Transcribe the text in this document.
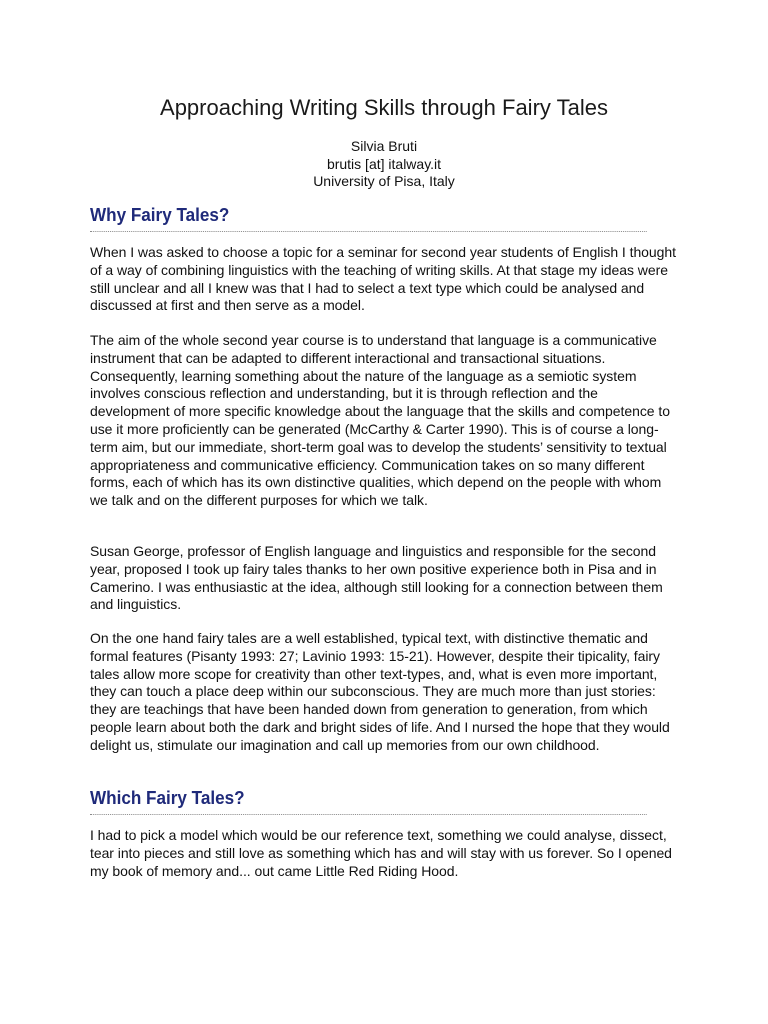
Approaching Writing Skills through Fairy Tales
Silvia Bruti
brutis [at] italway.it
University of Pisa, Italy
Why Fairy Tales?

When I was asked to choose a topic for a seminar for second year students of English I thought of a way of combining linguistics with the teaching of writing skills. At that stage my ideas were still unclear and all I knew was that I had to select a text type which could be analysed and discussed at first and then serve as a model.

The aim of the whole second year course is to understand that language is a communicative instrument that can be adapted to different interactional and transactional situations. Consequently, learning something about the nature of the language as a semiotic system involves conscious reflection and understanding, but it is through reflection and the development of more specific knowledge about the language that the skills and competence to use it more proficiently can be generated (McCarthy & Carter 1990). This is of course a long-term aim, but our immediate, short-term goal was to develop the students’ sensitivity to textual appropriateness and communicative efficiency. Communication takes on so many different forms, each of which has its own distinctive qualities, which depend on the people with whom we talk and on the different purposes for which we talk.

Susan George, professor of English language and linguistics and responsible for the second year, proposed I took up fairy tales thanks to her own positive experience both in Pisa and in Camerino. I was enthusiastic at the idea, although still looking for a connection between them and linguistics.

On the one hand fairy tales are a well established, typical text, with distinctive thematic and formal features (Pisanty 1993: 27; Lavinio 1993: 15-21). However, despite their tipicality, fairy tales allow more scope for creativity than other text-types, and, what is even more important, they can touch a place deep within our subconscious. They are much more than just stories: they are teachings that have been handed down from generation to generation, from which people learn about both the dark and bright sides of life. And I nursed the hope that they would delight us, stimulate our imagination and call up memories from our own childhood.

Which Fairy Tales?

I had to pick a model which would be our reference text, something we could analyse, dissect, tear into pieces and still love as something which has and will stay with us forever. So I opened my book of memory and... out came Little Red Riding Hood.
